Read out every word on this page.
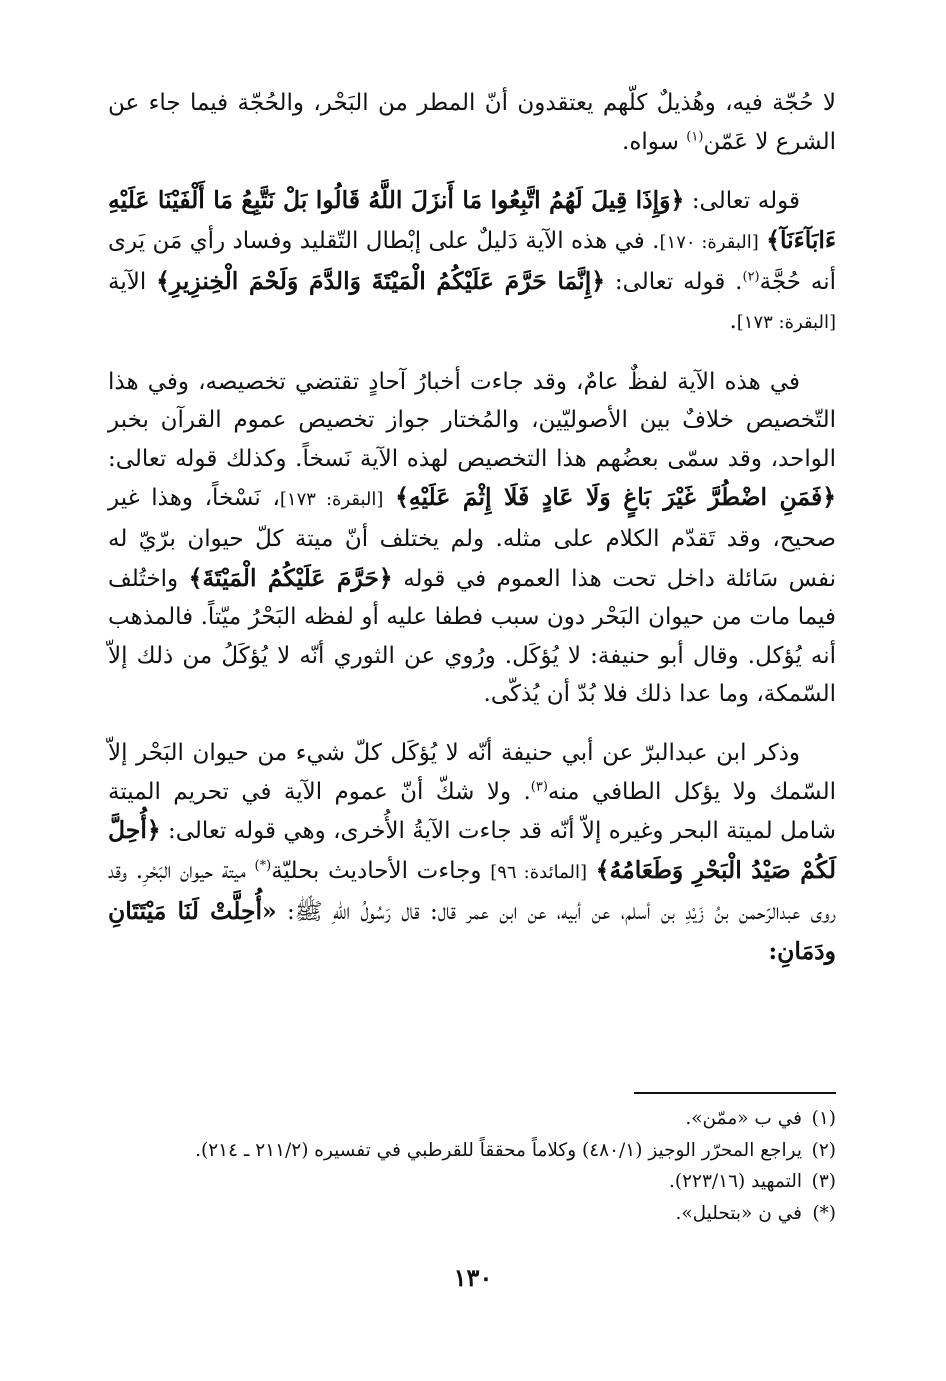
لا حُجّة فيه، وهُذيلٌ كلّهم يعتقدون أنّ المطر من البَحْر، والحُجّة فيما جاء عن الشرع لا عَمّن$^{(١)}$ سواه.

قوله تعالى: ﴿وَإِذَا قِيلَ لَهُمُ اتَّبِعُوا مَا أَنزَلَ اللَّهُ قَالُوا بَلْ نَتَّبِعُ مَا أَلْفَيْنَا عَلَيْهِ ءَابَآءَنَآ﴾ [البقرة: ١٧٠]. في هذه الآية دَليلٌ على إبْطال التّقليد وفساد رأي مَن يَرى أنه حُجَّة$^{(٢)}$. قوله تعالى: ﴿إِنَّمَا حَرَّمَ عَلَيْكُمُ الْمَيْتَةَ وَالدَّمَ وَلَحْمَ الْخِنزِيرِ﴾ الآية [البقرة: ١٧٣].

في هذه الآية لفظٌ عامٌ، وقد جاءت أخبارُ آحادٍ تقتضي تخصيصه، وفي هذا التّخصيص خلافٌ بين الأصوليّين، والمُختار جواز تخصيص عموم القرآن بخبر الواحد، وقد سمّى بعضُهم هذا التخصيص لهذه الآية نَسخاً. وكذلك قوله تعالى: ﴿فَمَنِ اضْطُرَّ غَيْرَ بَاغٍ وَلَا عَادٍ فَلَا إِثْمَ عَلَيْهِ﴾ [البقرة: ١٧٣]، نَسْخاً، وهذا غير صحيح، وقد تَقدّم الكلام على مثله. ولم يختلف أنّ ميتة كلّ حيوان برّيّ له نفس سَائلة داخل تحت هذا العموم في قوله ﴿حَرَّمَ عَلَيْكُمُ الْمَيْتَةَ﴾ واختُلف فيما مات من حيوان البَحْر دون سبب فطفا عليه أو لفظه البَحْرُ ميّتاً. فالمذهب أنه يُؤكل. وقال أبو حنيفة: لا يُؤكَل. ورُوي عن الثوري أنّه لا يُؤكَلُ من ذلك إلاّ السّمكة، وما عدا ذلك فلا بُدّ أن يُذكّى.

وذكر ابن عبدالبرّ عن أبي حنيفة أنّه لا يُؤكَل كلّ شيء من حيوان البَحْر إلاّ السّمك ولا يؤكل الطافي منه$^{(٣)}$. ولا شكّ أنّ عموم الآية في تحريم الميتة شامل لميتة البحر وغيره إلاّ أنّه قد جاءت الآيةُ الأُخرى، وهي قوله تعالى: ﴿أُحِلَّ لَكُمْ صَيْدُ الْبَحْرِ وَطَعَامُهُ﴾ [المائدة: ٩٦] وجاءت الأحاديث بحليّة(*) ميتة حيوان البَحْرِ. وقد روى عبدالرّحمن بنُ زَيْدِ بن أسلم، عن أبيه، عن ابن عمر قال: قال رَسُولُ اللّهِ ﷺ: «أُحِلَّتْ لَنَا مَيْتَتَانِ ودَمَانِ:

(١)في ب «ممّن».
(٢)يراجع المحرّر الوجيز (٤٨٠/١) وكلاماً محققاً للقرطبي في تفسيره (٢١١/٢ ـ ٢١٤).
(٣)التمهيد (٢٢٣/١٦).
(*)في ن «بتحليل».
١٣٠
